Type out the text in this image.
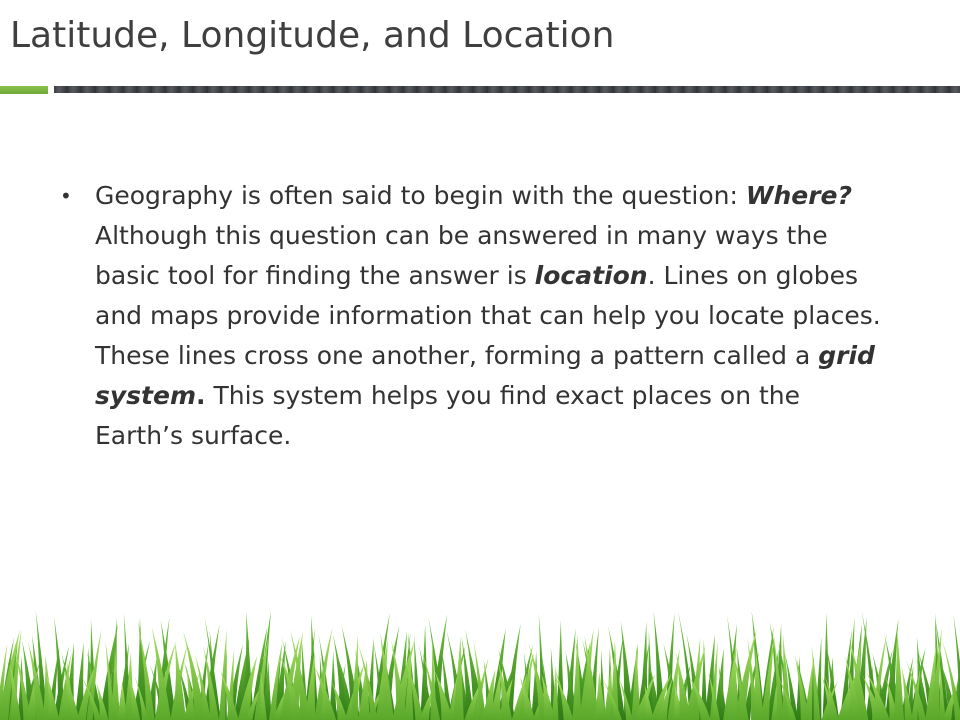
Latitude, Longitude, and Location
• Geography is often said to begin with the question: Where? Although this question can be answered in many ways the basic tool for finding the answer is location. Lines on globes and maps provide information that can help you locate places. These lines cross one another, forming a pattern called a grid system. This system helps you find exact places on the Earth’s surface.
